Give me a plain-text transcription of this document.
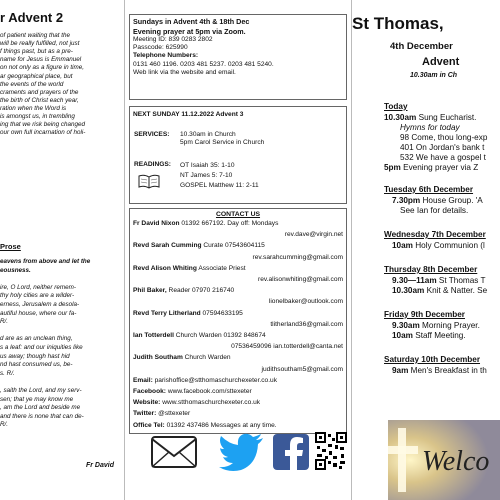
r Advent 2
of patient waiting that the
will be really fulfilled, not just
f things past, but as a pre-
name for Jesus is Emmanuel
on not only as a figure in time,
ar geographical place, but
the events of the world
craments and prayers of the
the birth of Christ each year,
ration when the Word is
is amongst us, in trembling
ing that we risk being changed
our own full incarnation of holi-
Prose
eavens from above and let the
eousness.
ire, O Lord, neither remem-
thy holy cities are a wilder-
erness, Jerusalem a desola-
autiful house, where our fa-
R/.
d are as an unclean thing,
s a leaf: and our iniquities like
us away; though hast hid
nd hast consumed us, be-
s. R/.
, saith the Lord, and my serv-
sen; that ye may know me
, am the Lord and beside me
and there is none that can de-
R/.
Fr David
Sundays in Advent 4th & 18th Dec
Evening prayer at 5pm via Zoom.
Meeting ID: 839 0283 2802
Passcode: 625990
Telephone Numbers:
0131 460 1196. 0203 481 5237. 0203 481 5240.
Web link via the website and email.
NEXT SUNDAY 11.12.2022 Advent 3
SERVICES: 10.30am in Church
5pm Carol Service in Church
READINGS: OT Isaiah 35: 1-10
NT James 5: 7-10
GOSPEL Matthew 11: 2-11
CONTACT US
Fr David Nixon 01392 667192. Day off: Mondays
rev.dave@virgin.net
Revd Sarah Cumming Curate 07543604115
rev.sarahcumming@gmail.com
Revd Alison Whiting Associate Priest
rev.alisonwhiting@gmail.com
Phil Baker, Reader 07970 216740
lionelbaker@outlook.com
Revd Terry Litherland 07594633195
tlitherland36@gmail.com
Ian Totterdell Church Warden 01392 848674
07536459096 ian.totterdell@canta.net
Judith Southam Church Warden
judithsoutham5@gmail.com
Email: parishoffice@stthomaschurchexeter.co.uk
Facebook: www.facebook.com/sttexeter
Website: www.stthomaschurchexeter.co.uk
Twitter: @sttexeter
Office Tel: 01392 437486 Messages at any time.
St Thomas,
4th December
Advent
10.30am in Ch
Today
10.30am Sung Eucharist.
Hymns for today
98 Come, thou long-exp
401 On Jordan's bank t
532 We have a gospel t
5pm Evening prayer via Z
Tuesday 6th December
7.30pm House Group. 'A
See Ian for details.
Wednesday 7th December
10am Holy Communion (l
Thursday 8th December
9.30—11am St Thomas T
10.30am Knit & Natter. Se
Friday 9th December
9.30am Morning Prayer.
10am Staff Meeting.
Saturday 10th December
9am Men's Breakfast in th
Welco
